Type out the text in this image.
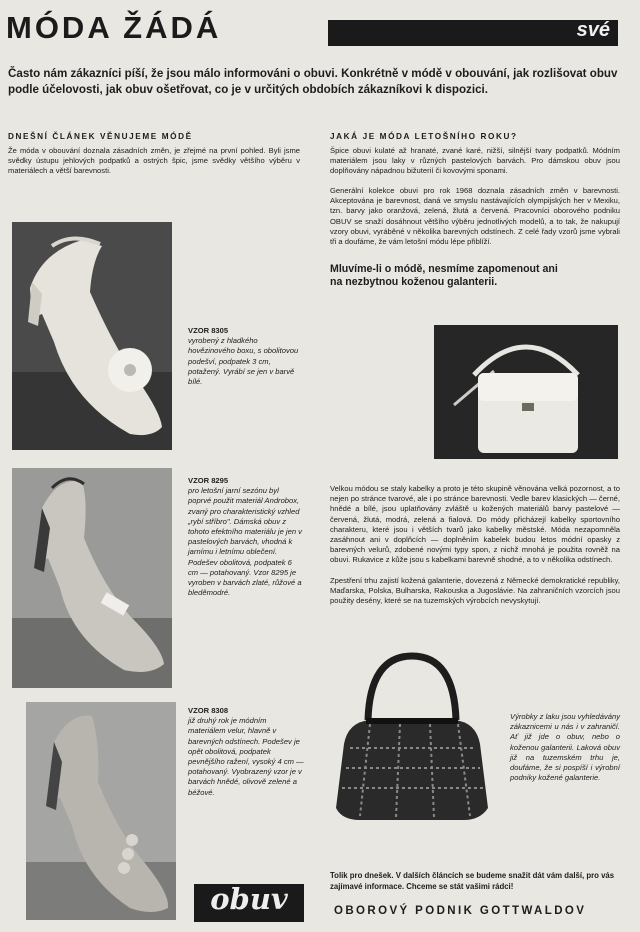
MÓDA ŽÁDÁ	své
Často nám zákazníci píší, že jsou málo informováni o obuvi. Konkrétně v módě v obouvání, jak rozlišovat obuv podle účelovosti, jak obuv ošetřovat, co je v určitých obdobích zákazníkovi k dispozici.
DNEŠNÍ ČLÁNEK VĚNUJEME MÓDĚ
Že móda v obouvání doznala zásadních změn, je zřejmé na první pohled. Byli jsme svědky ústupu jehlových podpatků a ostrých špic, jsme svědky většího výběru v materiálech a větší barevnosti.
JAKÁ JE MÓDA LETOŠNÍHO ROKU?
Špice obuvi kulaté až hranaté, zvané karé, nižší, silnější tvary podpatků. Módním materiálem jsou laky v různých pastelových barvách. Pro dámskou obuv jsou doplňovány nápadnou bižuterií či kovovými sponami.
Generální kolekce obuvi pro rok 1968 doznala zásadních změn v barevnosti. Akceptována je barevnost, daná ve smyslu nastávajících olympijských her v Mexiku, tzn. barvy jako oranžová, zelená, žlutá a červená. Pracovníci oborového podniku OBUV se snaží dosáhnout většího výběru jednotlivých modelů, a to tak, že nakupují vzory obuvi, vyráběné v několika barevných odstínech. Z celé řady vzorů jsme vybrali tři a doufáme, že vám letošní módu lépe přiblíží.
Mluvíme-li o módě, nesmíme zapomenout ani na nezbytnou koženou galanterii.
VZOR 8305
vyrobený z hladkého hovězinového boxu, s obolitovou podešví, podpatek 3 cm, potažený. Vyrábí se jen v barvě bílé.
VZOR 8295
pro letošní jarní sezónu byl poprvé použit materiál Androbox, zvaný pro charakteristický vzhled „rybí stříbro". Dámská obuv z tohoto efektního materiálu je jen v pastelových barvách, vhodná k jarnímu i letnímu oblečení. Podešev obolitová, podpatek 6 cm — potahovaný. Vzor 8295 je vyroben v barvách zlaté, růžové a bleděmodré.
VZOR 8308
již druhý rok je módním materiálem velur, hlavně v barevných odstínech. Podešev je opět obolitová, podpatek pevnějšího ražení, vysoký 4 cm — potahovaný. Vyobrazený vzor je v barvách hnědé, olivově zelené a béžové.
Velkou módou se staly kabelky a proto je této skupině věnována velká pozornost, a to nejen po stránce tvarové, ale i po stránce barevnosti. Vedle barev klasických — černé, hnědé a bílé, jsou uplatňovány zvláště u kožených materiálů barvy pastelové — červená, žlutá, modrá, zelená a fialová. Do módy přicházejí kabelky sportovního charakteru, které jsou i větších tvarů jako kabelky městské. Móda nezapomněla zasáhnout ani v doplňcích — doplněním kabelek budou letos módní opasky z barevných velurů, zdobené novými typy spon, z nichž mnohá je použita rovněž na obuvi. Rukavice z kůže jsou s kabelkami barevně shodné, a to v několika odstínech.
Zpestření trhu zajistí kožená galanterie, dovezená z Německé demokratické republiky, Maďarska, Polska, Bulharska, Rakouska a Jugoslávie. Na zahraničních vzorcích jsou použity desény, které se na tuzemských výrobcích nevyskytují.
Výrobky z laku jsou vyhledávány zákaznicemi u nás i v zahraničí. Ať již jde o obuv, nebo o koženou galanterii. Laková obuv již na tuzemském trhu je, doufáme, že si pospíší i výrobní podniky kožené galanterie.
obuv
Tolik pro dnešek. V dalších článcích se budeme snažit dát vám další, pro vás zajímavé informace. Chceme se stát vašimi rádci!
OBOROVÝ PODNIK GOTTWALDOV
